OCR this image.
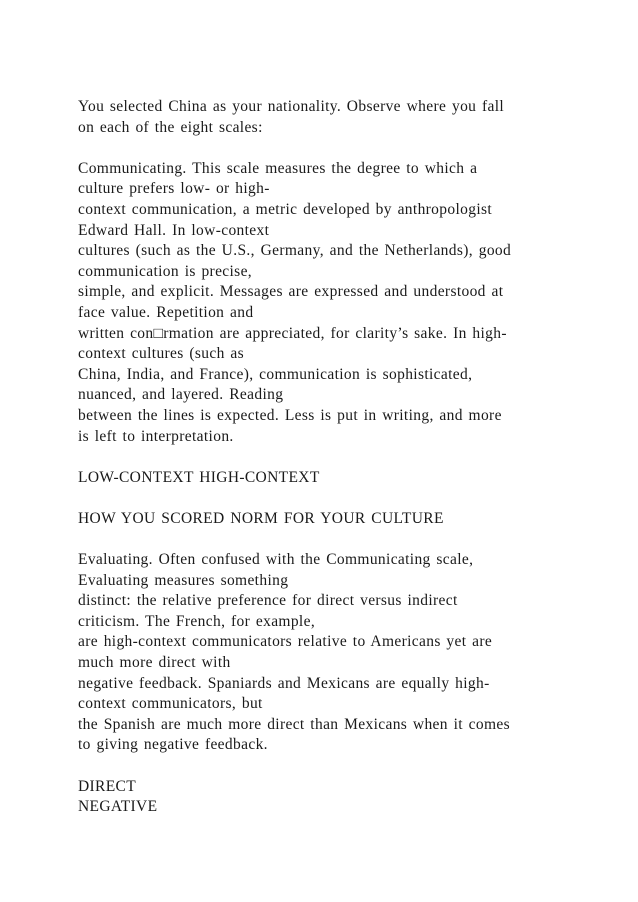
You selected China as your nationality. Observe where you fall
on each of the eight scales:
Communicating. This scale measures the degree to which a
culture prefers low- or high-
context communication, a metric developed by anthropologist
Edward Hall. In low-context
cultures (such as the U.S., Germany, and the Netherlands), good
communication is precise,
simple, and explicit. Messages are expressed and understood at
face value. Repetition and
written con□rmation are appreciated, for clarity’s sake. In high-
context cultures (such as
China, India, and France), communication is sophisticated,
nuanced, and layered. Reading
between the lines is expected. Less is put in writing, and more
is left to interpretation.
LOW-CONTEXT HIGH-CONTEXT
HOW YOU SCORED NORM FOR YOUR CULTURE
Evaluating. Often confused with the Communicating scale,
Evaluating measures something
distinct: the relative preference for direct versus indirect
criticism. The French, for example,
are high-context communicators relative to Americans yet are
much more direct with
negative feedback. Spaniards and Mexicans are equally high-
context communicators, but
the Spanish are much more direct than Mexicans when it comes
to giving negative feedback.
DIRECT
NEGATIVE
